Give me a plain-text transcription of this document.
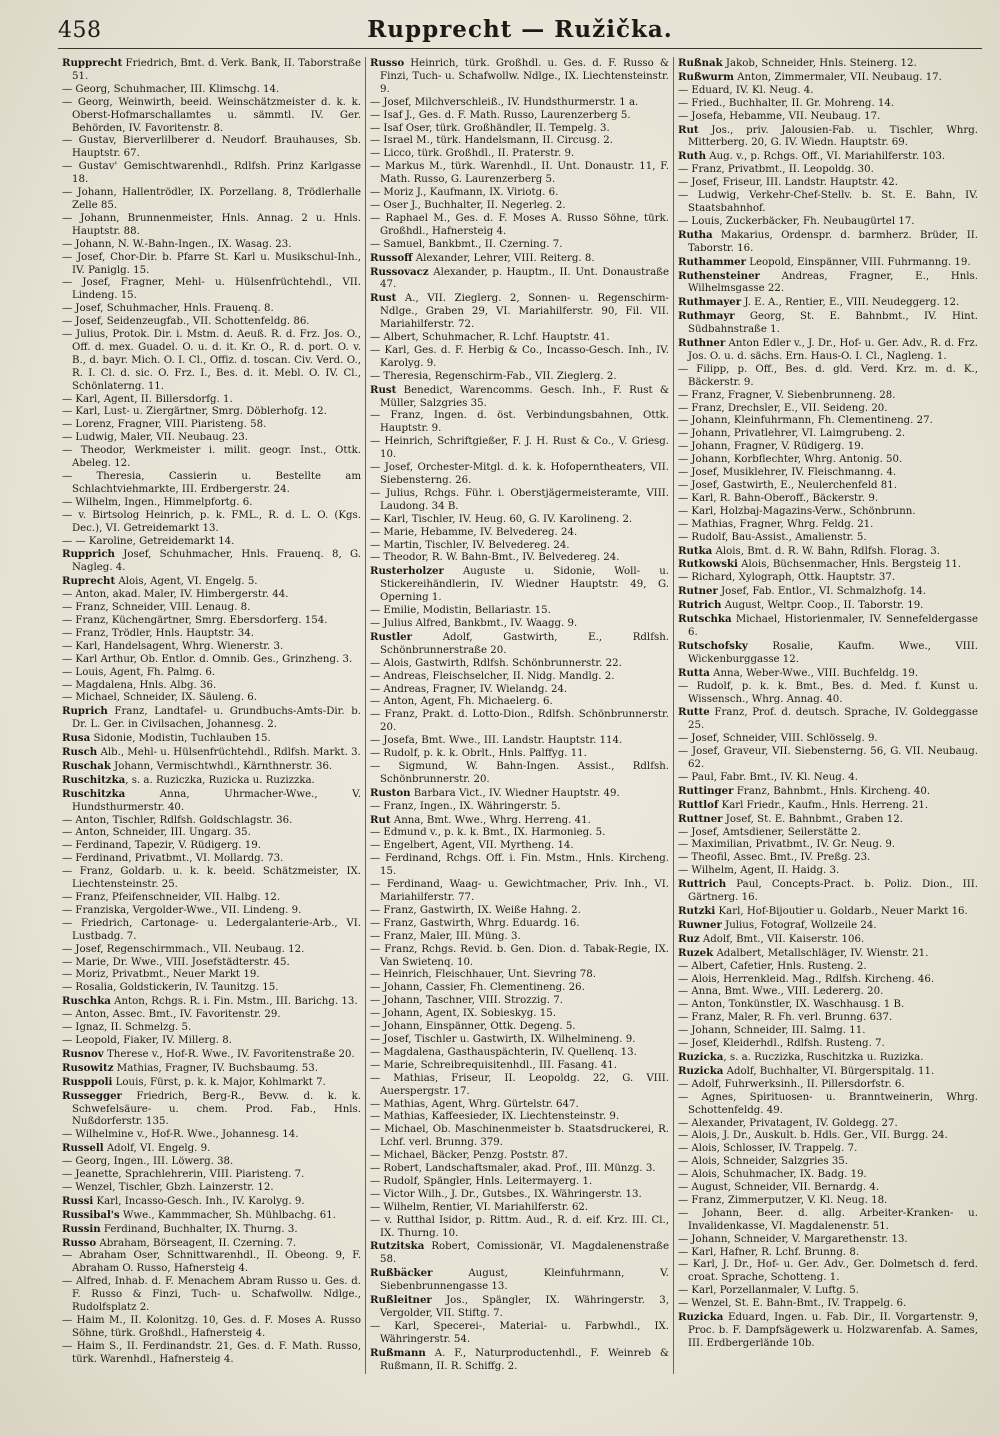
458	Rupprecht — Ružička.

Rupprecht Friedrich, Bmt. d. Verk. Bank, II. Taborstraße 51.

— Georg, Schuhmacher, III. Klimschg. 14.

— Georg, Weinwirth, beeid. Weinschätzmeister d. k. k. Oberst-Hofmarschallamtes u. sämmtl. IV. Ger. Behörden, IV. Favoritenstr. 8.

— Gustav, Bierverlilberer d. Neudorf. Brauhauses, Sb. Hauptstr. 67.

— Gustav' Gemischtwarenhdl., Rdlfsh. Prinz Karlgasse 18.

— Johann, Hallentrödler, IX. Porzellang. 8, Trödlerhalle Zelle 85.

— Johann, Brunnenmeister, Hnls. Annag. 2 u. Hnls. Hauptstr. 88.

— Johann, N. W.-Bahn-Ingen., IX. Wasag. 23.

— Josef, Chor-Dir. b. Pfarre St. Karl u. Musikschul-Inh., IV. Paniglg. 15.

— Josef, Fragner, Mehl- u. Hülsenfrüchtehdl., VII. Lindeng. 15.

— Josef, Schuhmacher, Hnls. Frauenq. 8.

— Josef, Seidenzeugfab., VII. Schottenfeldg. 86.

— Julius, Protok. Dir. i. Mstm. d. Aeuß. R. d. Frz. Jos. O., Off. d. mex. Guadel. O. u. d. it. Kr. O., R. d. port. O. v. B., d. bayr. Mich. O. I. Cl., Offiz. d. toscan. Civ. Verd. O., R. I. Cl. d. sic. O. Frz. I., Bes. d. it. Mebl. O. IV. Cl., Schönlaterng. 11.

— Karl, Agent, II. Billersdorfg. 1.

— Karl, Lust- u. Ziergärtner, Smrg. Döblerhofg. 12.

— Lorenz, Fragner, VIII. Piaristeng. 58.

— Ludwig, Maler, VII. Neubaug. 23.

— Theodor, Werkmeister i. milit. geogr. Inst., Ottk. Abeleg. 12.

— Theresia, Cassierin u. Bestellte am Schlachtviehmarkte, III. Erdbergerstr. 24.

— Wilhelm, Ingen., Himmelpfortg. 6.

— v. Birtsolog Heinrich, p. k. FML., R. d. L. O. (Kgs. Dec.), VI. Getreidemarkt 13.

— — Karoline, Getreidemarkt 14.

Rupprich Josef, Schuhmacher, Hnls. Frauenq. 8, G. Nagleg. 4.

Ruprecht Alois, Agent, VI. Engelg. 5.

— Anton, akad. Maler, IV. Himbergerstr. 44.

— Franz, Schneider, VIII. Lenaug. 8.

— Franz, Küchengärtner, Smrg. Ebersdorferg. 154.

— Franz, Trödler, Hnls. Hauptstr. 34.

— Karl, Handelsagent, Whrg. Wienerstr. 3.

— Karl Arthur, Ob. Entlor. d. Omnib. Ges., Grinzheng. 3.

— Louis, Agent, Fh. Palmg. 6.

— Magdalena, Hnls. Albg. 36.

— Michael, Schneider, IX. Säuleng. 6.

Ruprich Franz, Landtafel- u. Grundbuchs-Amts-Dir. b. Dr. L. Ger. in Civilsachen, Johannesg. 2.

Rusa Sidonie, Modistin, Tuchlauben 15.

Rusch Alb., Mehl- u. Hülsenfrüchtehdl., Rdlfsh. Markt. 3.

Ruschak Johann, Vermischtwhdl., Kärnthnerstr. 36.

Ruschitzka, s. a. Ruziczka, Ruzicka u. Ruzizzka.

Ruschitzka Anna, Uhrmacher-Wwe., V. Hundsthurmerstr. 40.

— Anton, Tischler, Rdlfsh. Goldschlagstr. 36.

— Anton, Schneider, III. Ungarg. 35.

— Ferdinand, Tapezir, V. Rüdigerg. 19.

— Ferdinand, Privatbmt., VI. Mollardg. 73.

— Franz, Goldarb. u. k. k. beeid. Schätzmeister, IX. Liechtensteinstr. 25.

— Franz, Pfeifenschneider, VII. Halbg. 12.

— Franziska, Vergolder-Wwe., VII. Lindeng. 9.

— Friedrich, Cartonage- u. Ledergalanterie-Arb., VI. Lustbadg. 7.

— Josef, Regenschirmmach., VII. Neubaug. 12.

— Marie, Dr. Wwe., VIII. Josefstädterstr. 45.

— Moriz, Privatbmt., Neuer Markt 19.

— Rosalia, Goldstickerin, IV. Taunitzg. 15.

Ruschka Anton, Rchgs. R. i. Fin. Mstm., III. Barichg. 13.

— Anton, Assec. Bmt., IV. Favoritenstr. 29.

— Ignaz, II. Schmelzg. 5.

— Leopold, Fiaker, IV. Millerg. 8.

Rusnov Therese v., Hof-R. Wwe., IV. Favoritenstraße 20.

Rusowitz Mathias, Fragner, IV. Buchsbaumg. 53.

Rusppoli Louis, Fürst, p. k. k. Major, Kohlmarkt 7.

Russegger Friedrich, Berg-R., Bevw. d. k. k. Schwefelsäure- u. chem. Prod. Fab., Hnls. Nußdorferstr. 135.

— Wilhelmine v., Hof-R. Wwe., Johannesg. 14.

Russell Adolf, VI. Engelg. 9.

— Georg, Ingen., III. Löwerg. 38.

— Jeanette, Sprachlehrerin, VIII. Piaristeng. 7.

— Wenzel, Tischler, Gbzh. Lainzerstr. 12.

Russi Karl, Incasso-Gesch. Inh., IV. Karolyg. 9.

Russibal's Wwe., Kammmacher, Sh. Mühlbachg. 61.

Russin Ferdinand, Buchhalter, IX. Thurng. 3.

Russo Abraham, Börseagent, II. Czerning. 7.

— Abraham Oser, Schnittwarenhdl., II. Obeong. 9, F. Abraham O. Russo, Hafnersteig 4.

— Alfred, Inhab. d. F. Menachem Abram Russo u. Ges. d. F. Russo & Finzi, Tuch- u. Schafwollw. Ndlge., Rudolfsplatz 2.

— Haim M., II. Kolonitzg. 10, Ges. d. F. Moses A. Russo Söhne, türk. Großhdl., Hafnersteig 4.

— Haim S., II. Ferdinandstr. 21, Ges. d. F. Math. Russo, türk. Warenhdl., Hafnersteig 4.

Russo Heinrich, türk. Großhdl. u. Ges. d. F. Russo & Finzi, Tuch- u. Schafwollw. Ndlge., IX. Liechtensteinstr. 9.

— Josef, Milchverschleiß., IV. Hundsthurmerstr. 1 a.

— Isaf J., Ges. d. F. Math. Russo, Laurenzerberg 5.

— Isaf Oser, türk. Großhändler, II. Tempelg. 3.

— Israel M., türk. Handelsmann, II. Circusg. 2.

— Licco, türk. Großhdl., II. Praterstr. 9.

— Markus M., türk. Warenhdl., II. Unt. Donaustr. 11, F. Math. Russo, G. Laurenzerberg 5.

— Moriz J., Kaufmann, IX. Viriotg. 6.

— Oser J., Buchhalter, II. Negerleg. 2.

— Raphael M., Ges. d. F. Moses A. Russo Söhne, türk. Großhdl., Hafnersteig 4.

— Samuel, Bankbmt., II. Czerning. 7.

Russoff Alexander, Lehrer, VIII. Reiterg. 8.

Russovacz Alexander, p. Hauptm., II. Unt. Donaustraße 47.

Rust A., VII. Zieglerg. 2, Sonnen- u. Regenschirm-Ndlge., Graben 29, VI. Mariahilferstr. 90, Fil. VII. Mariahilferstr. 72.

— Albert, Schuhmacher, R. Lchf. Hauptstr. 41.

— Karl, Ges. d. F. Herbig & Co., Incasso-Gesch. Inh., IV. Karolyg. 9.

— Theresia, Regenschirm-Fab., VII. Zieglerg. 2.

Rust Benedict, Warencomms. Gesch. Inh., F. Rust & Müller, Salzgries 35.

— Franz, Ingen. d. öst. Verbindungsbahnen, Ottk. Hauptstr. 9.

— Heinrich, Schriftgießer, F. J. H. Rust & Co., V. Griesg. 10.

— Josef, Orchester-Mitgl. d. k. k. Hofoperntheaters, VII. Siebensterng. 26.

— Julius, Rchgs. Führ. i. Oberstjägermeisteramte, VIII. Laudong. 34 B.

— Karl, Tischler, IV. Heug. 60, G. IV. Karolineng. 2.

— Marie, Hebamme, IV. Belvedereg. 24.

— Martin, Tischler, IV. Belvedereg. 24.

— Theodor, R. W. Bahn-Bmt., IV. Belvedereg. 24.

Rusterholzer Auguste u. Sidonie, Woll- u. Stickereihändlerin, IV. Wiedner Hauptstr. 49, G. Operning 1.

— Emilie, Modistin, Bellariastr. 15.

— Julius Alfred, Bankbmt., IV. Waagg. 9.

Rustler Adolf, Gastwirth, E., Rdlfsh. Schönbrunnerstraße 20.

— Alois, Gastwirth, Rdlfsh. Schönbrunnerstr. 22.

— Andreas, Fleischselcher, II. Nidg. Mandlg. 2.

— Andreas, Fragner, IV. Wielandg. 24.

— Anton, Agent, Fh. Michaelerg. 6.

— Franz, Prakt. d. Lotto-Dion., Rdlfsh. Schönbrunnerstr. 20.

— Josefa, Bmt. Wwe., III. Landstr. Hauptstr. 114.

— Rudolf, p. k. k. Obrlt., Hnls. Palffyg. 11.

— Sigmund, W. Bahn-Ingen. Assist., Rdlfsh. Schönbrunnerstr. 20.

Ruston Barbara Vict., IV. Wiedner Hauptstr. 49.

— Franz, Ingen., IX. Währingerstr. 5.

Rut Anna, Bmt. Wwe., Whrg. Herreng. 41.

— Edmund v., p. k. k. Bmt., IX. Harmonieg. 5.

— Engelbert, Agent, VII. Myrtheng. 14.

— Ferdinand, Rchgs. Off. i. Fin. Mstm., Hnls. Kircheng. 15.

— Ferdinand, Waag- u. Gewichtmacher, Priv. Inh., VI. Mariahilferstr. 77.

— Franz, Gastwirth, IX. Weiße Hahng. 2.

— Franz, Gastwirth, Whrg. Eduardg. 16.

— Franz, Maler, III. Müng. 3.

— Franz, Rchgs. Revid. b. Gen. Dion. d. Tabak-Regie, IX. Van Swietenq. 10.

— Heinrich, Fleischhauer, Unt. Sievring 78.

— Johann, Cassier, Fh. Clementineng. 26.

— Johann, Taschner, VIII. Strozzig. 7.

— Johann, Agent, IX. Sobieskyg. 15.

— Johann, Einspänner, Ottk. Degeng. 5.

— Josef, Tischler u. Gastwirth, IX. Wilhelmineng. 9.

— Magdalena, Gasthauspächterin, IV. Quellenq. 13.

— Marie, Schreibrequisitenhdl., III. Fasang. 41.

— Mathias, Friseur, II. Leopoldg. 22, G. VIII. Auerspergstr. 17.

— Mathias, Agent, Whrg. Gürtelstr. 647.

— Mathias, Kaffeesieder, IX. Liechtensteinstr. 9.

— Michael, Ob. Maschinenmeister b. Staatsdruckerei, R. Lchf. verl. Brunng. 379.

— Michael, Bäcker, Penzg. Poststr. 87.

— Robert, Landschaftsmaler, akad. Prof., III. Münzg. 3.

— Rudolf, Spängler, Hnls. Leitermayerg. 1.

— Victor Wilh., J. Dr., Gutsbes., IX. Währingerstr. 13.

— Wilhelm, Rentier, VI. Mariahilferstr. 62.

— v. Rutthal Isidor, p. Rittm. Aud., R. d. eif. Krz. III. Cl., IX. Thurng. 10.

Rutzitska Robert, Comissionär, VI. Magdalenenstraße 58.

Rußbäcker August, Kleinfuhrmann, V. Siebenbrunnengasse 13.

Rußleitner Jos., Spängler, IX. Währingerstr. 3, Vergolder, VII. Stiftg. 7.

— Karl, Specerei-, Material- u. Farbwhdl., IX. Währingerstr. 54.

Rußmann A. F., Naturproductenhdl., F. Weinreb & Rußmann, II. R. Schiffg. 2.

Rußnak Jakob, Schneider, Hnls. Steinerg. 12.

Rußwurm Anton, Zimmermaler, VII. Neubaug. 17.

— Eduard, IV. Kl. Neug. 4.

— Fried., Buchhalter, II. Gr. Mohreng. 14.

— Josefa, Hebamme, VII. Neubaug. 17.

Rut Jos., priv. Jalousien-Fab. u. Tischler, Whrg. Mitterberg. 20, G. IV. Wiedn. Hauptstr. 69.

Ruth Aug. v., p. Rchgs. Off., VI. Mariahilferstr. 103.

— Franz, Privatbmt., II. Leopoldg. 30.

— Josef, Friseur, III. Landstr. Hauptstr. 42.

— Ludwig, Verkehr-Chef-Stellv. b. St. E. Bahn, IV. Staatsbahnhof.

— Louis, Zuckerbäcker, Fh. Neubaugürtel 17.

Rutha Makarius, Ordenspr. d. barmherz. Brüder, II. Taborstr. 16.

Ruthammer Leopold, Einspänner, VIII. Fuhrmanng. 19.

Ruthensteiner Andreas, Fragner, E., Hnls. Wilhelmsgasse 22.

Ruthmayer J. E. A., Rentier, E., VIII. Neudeggerg. 12.

Ruthmayr Georg, St. E. Bahnbmt., IV. Hint. Südbahnstraße 1.

Ruthner Anton Edler v., J. Dr., Hof- u. Ger. Adv., R. d. Frz. Jos. O. u. d. sächs. Ern. Haus-O. I. Cl., Nagleng. 1.

— Filipp, p. Off., Bes. d. gld. Verd. Krz. m. d. K., Bäckerstr. 9.

— Franz, Fragner, V. Siebenbrunneng. 28.

— Franz, Drechsler, E., VII. Seideng. 20.

— Johann, Kleinfuhrmann, Fh. Clementineng. 27.

— Johann, Privatlehrer, VI. Laimgrubeng. 2.

— Johann, Fragner, V. Rüdigerg. 19.

— Johann, Korbflechter, Whrg. Antonig. 50.

— Josef, Musiklehrer, IV. Fleischmanng. 4.

— Josef, Gastwirth, E., Neulerchenfeld 81.

— Karl, R. Bahn-Oberoff., Bäckerstr. 9.

— Karl, Holzbaj-Magazins-Verw., Schönbrunn.

— Mathias, Fragner, Whrg. Feldg. 21.

— Rudolf, Bau-Assist., Amalienstr. 5.

Rutka Alois, Bmt. d. R. W. Bahn, Rdlfsh. Florag. 3.

Rutkowski Alois, Büchsenmacher, Hnls. Bergsteig 11.

— Richard, Xylograph, Ottk. Hauptstr. 37.

Rutner Josef, Fab. Entlor., VI. Schmalzhofg. 14.

Rutrich August, Weltpr. Coop., II. Taborstr. 19.

Rutschka Michael, Historienmaler, IV. Sennefeldergasse 6.

Rutschofsky Rosalie, Kaufm. Wwe., VIII. Wickenburggasse 12.

Rutta Anna, Weber-Wwe., VIII. Buchfeldg. 19.

— Rudolf, p. k. k. Bmt., Bes. d. Med. f. Kunst u. Wissensch., Whrg. Annag. 40.

Rutte Franz, Prof. d. deutsch. Sprache, IV. Goldeggasse 25.

— Josef, Schneider, VIII. Schlösselg. 9.

— Josef, Graveur, VII. Siebensterng. 56, G. VII. Neubaug. 62.

— Paul, Fabr. Bmt., IV. Kl. Neug. 4.

Ruttinger Franz, Bahnbmt., Hnls. Kircheng. 40.

Ruttlof Karl Friedr., Kaufm., Hnls. Herreng. 21.

Ruttner Josef, St. E. Bahnbmt., Graben 12.

— Josef, Amtsdiener, Seilerstätte 2.

— Maximilian, Privatbmt., IV. Gr. Neug. 9.

— Theofil, Assec. Bmt., IV. Preßg. 23.

— Wilhelm, Agent, II. Haidg. 3.

Ruttrich Paul, Concepts-Pract. b. Poliz. Dion., III. Gärtnerg. 16.

Rutzki Karl, Hof-Bijoutier u. Goldarb., Neuer Markt 16.

Ruwner Julius, Fotograf, Wollzeile 24.

Ruz Adolf, Bmt., VII. Kaiserstr. 106.

Ruzek Adalbert, Metallschläger, IV. Wienstr. 21.

— Albert, Cafetier, Hnls. Rusteng. 2.

— Alois, Herrenkleid. Mag., Rdlfsh. Kircheng. 46.

— Anna, Bmt. Wwe., VIII. Ledererg. 20.

— Anton, Tonkünstler, IX. Waschhausg. 1 B.

— Franz, Maler, R. Fh. verl. Brunng. 637.

— Johann, Schneider, III. Salmg. 11.

— Josef, Kleiderhdl., Rdlfsh. Rusteng. 7.

Ruzicka, s. a. Ruczizka, Ruschitzka u. Ruzizka.

Ruzicka Adolf, Buchhalter, VI. Bürgerspitalg. 11.

— Adolf, Fuhrwerksinh., II. Pillersdorfstr. 6.

— Agnes, Spirituosen- u. Branntweinerin, Whrg. Schottenfeldg. 49.

— Alexander, Privatagent, IV. Goldegg. 27.

— Alois, J. Dr., Auskult. b. Hdls. Ger., VII. Burgg. 24.

— Alois, Schlosser, IV. Trappelg. 7.

— Alois, Schneider, Salzgries 35.

— Alois, Schuhmacher, IX. Badg. 19.

— August, Schneider, VII. Bernardg. 4.

— Franz, Zimmerputzer, V. Kl. Neug. 18.

— Johann, Beer. d. allg. Arbeiter-Kranken- u. Invalidenkasse, VI. Magdalenenstr. 51.

— Johann, Schneider, V. Margarethenstr. 13.

— Karl, Hafner, R. Lchf. Brunng. 8.

— Karl, J. Dr., Hof- u. Ger. Adv., Ger. Dolmetsch d. ferd. croat. Sprache, Schotteng. 1.

— Karl, Porzellanmaler, V. Luftg. 5.

— Wenzel, St. E. Bahn-Bmt., IV. Trappelg. 6.

Ruzicka Eduard, Ingen. u. Fab. Dir., II. Vorgartenstr. 9, Proc. b. F. Dampfsägewerk u. Holzwarenfab. A. Sames, III. Erdbergerlände 10b.
